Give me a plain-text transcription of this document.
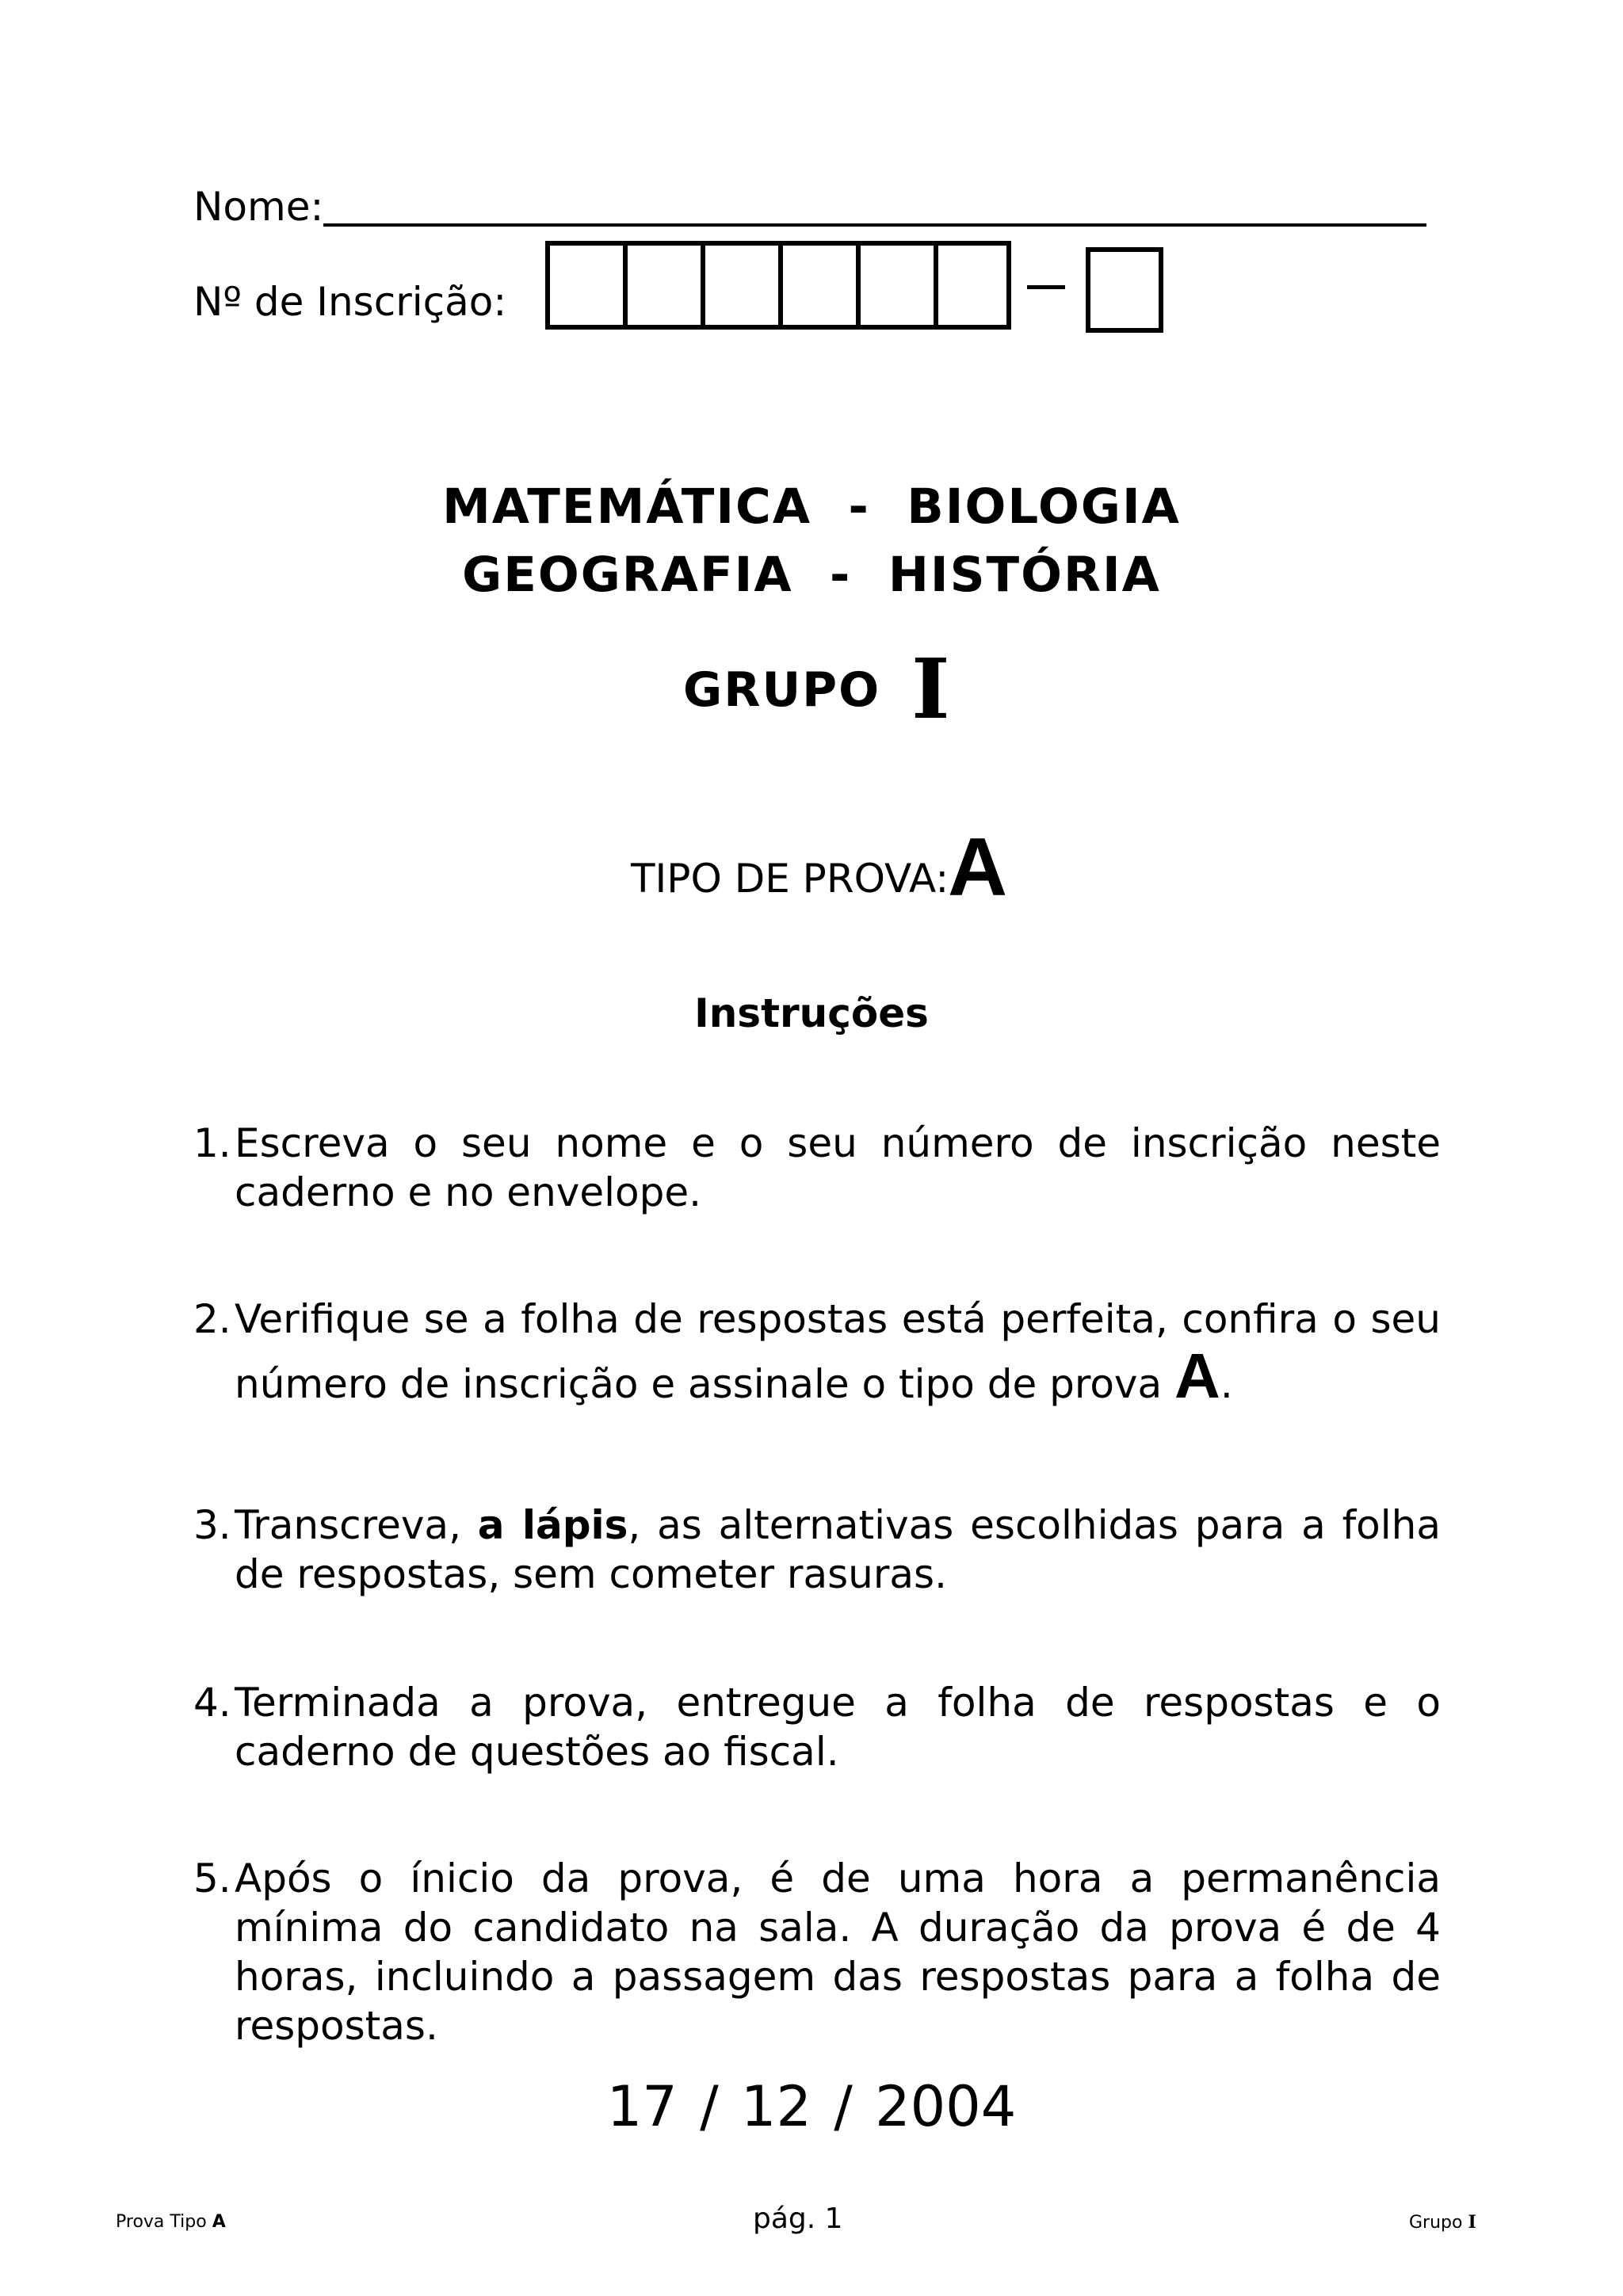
Nome:
Nº de Inscrição:
MATEMÁTICA  -  BIOLOGIA
GEOGRAFIA  -  HISTÓRIA
GRUPO I
TIPO DE PROVA:
A
Instruções
1. Escreva o seu nome e o seu número de inscrição neste caderno e no envelope.
2. Verifique se a folha de respostas está perfeita, confira o seu número de inscrição e assinale o tipo de prova A.
3. Transcreva, a lápis, as alternativas escolhidas para a folha de respostas, sem cometer rasuras.
4. Terminada a prova, entregue a folha de respostas e o caderno de questões ao fiscal.
5. Após o ínicio da prova, é de uma hora a permanência mínima do candidato na sala. A duração da prova é de 4 horas, incluindo a passagem das respostas para a folha de respostas.
17 / 12 / 2004
Prova Tipo A	pág. 1	Grupo I
